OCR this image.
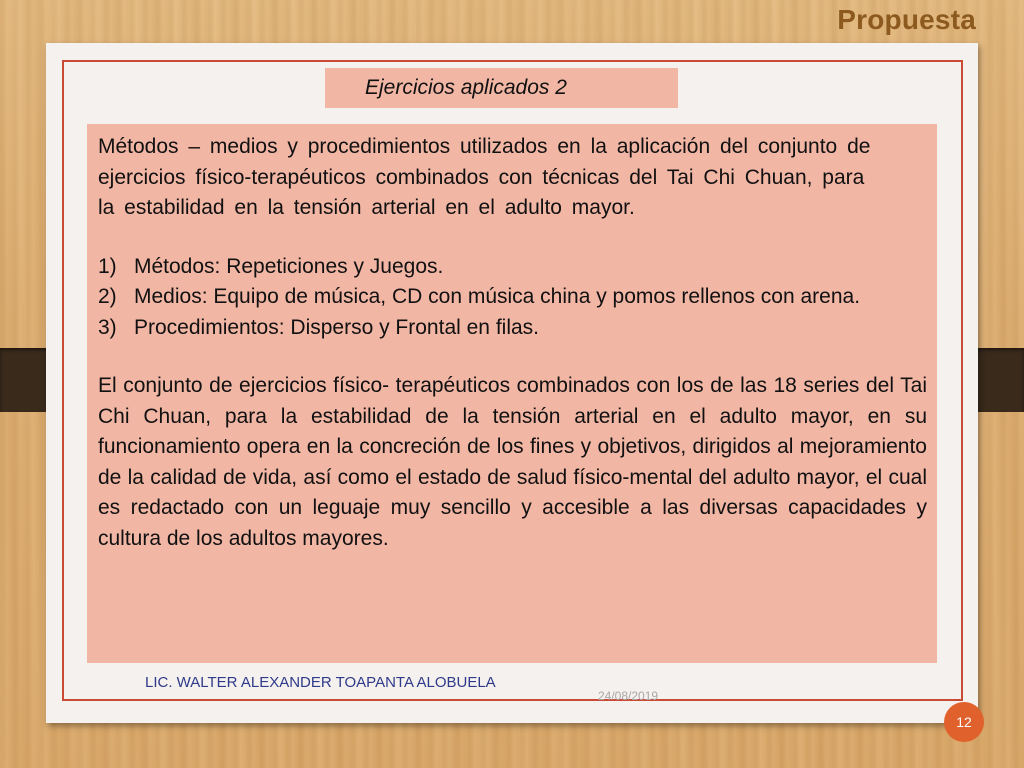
Propuesta
Ejercicios aplicados 2
Métodos – medios y procedimientos utilizados en la aplicación del conjunto de ejercicios físico-terapéuticos combinados con técnicas del Tai Chi Chuan, para la estabilidad en la tensión arterial en el adulto mayor.
1) Métodos: Repeticiones y Juegos.
2) Medios: Equipo de música, CD con música china y pomos rellenos con arena.
3) Procedimientos: Disperso y Frontal en filas.
El conjunto de ejercicios físico- terapéuticos combinados con los de las 18 series del Tai Chi Chuan, para la estabilidad de la tensión arterial en el adulto mayor, en su funcionamiento opera en la concreción de los fines y objetivos, dirigidos al mejoramiento de la calidad de vida, así como el estado de salud físico-mental del adulto mayor, el cual es redactado con un leguaje muy sencillo y accesible a las diversas capacidades y cultura de los adultos mayores.
LIC. WALTER ALEXANDER TOAPANTA ALOBUELA
24/08/2019
12
